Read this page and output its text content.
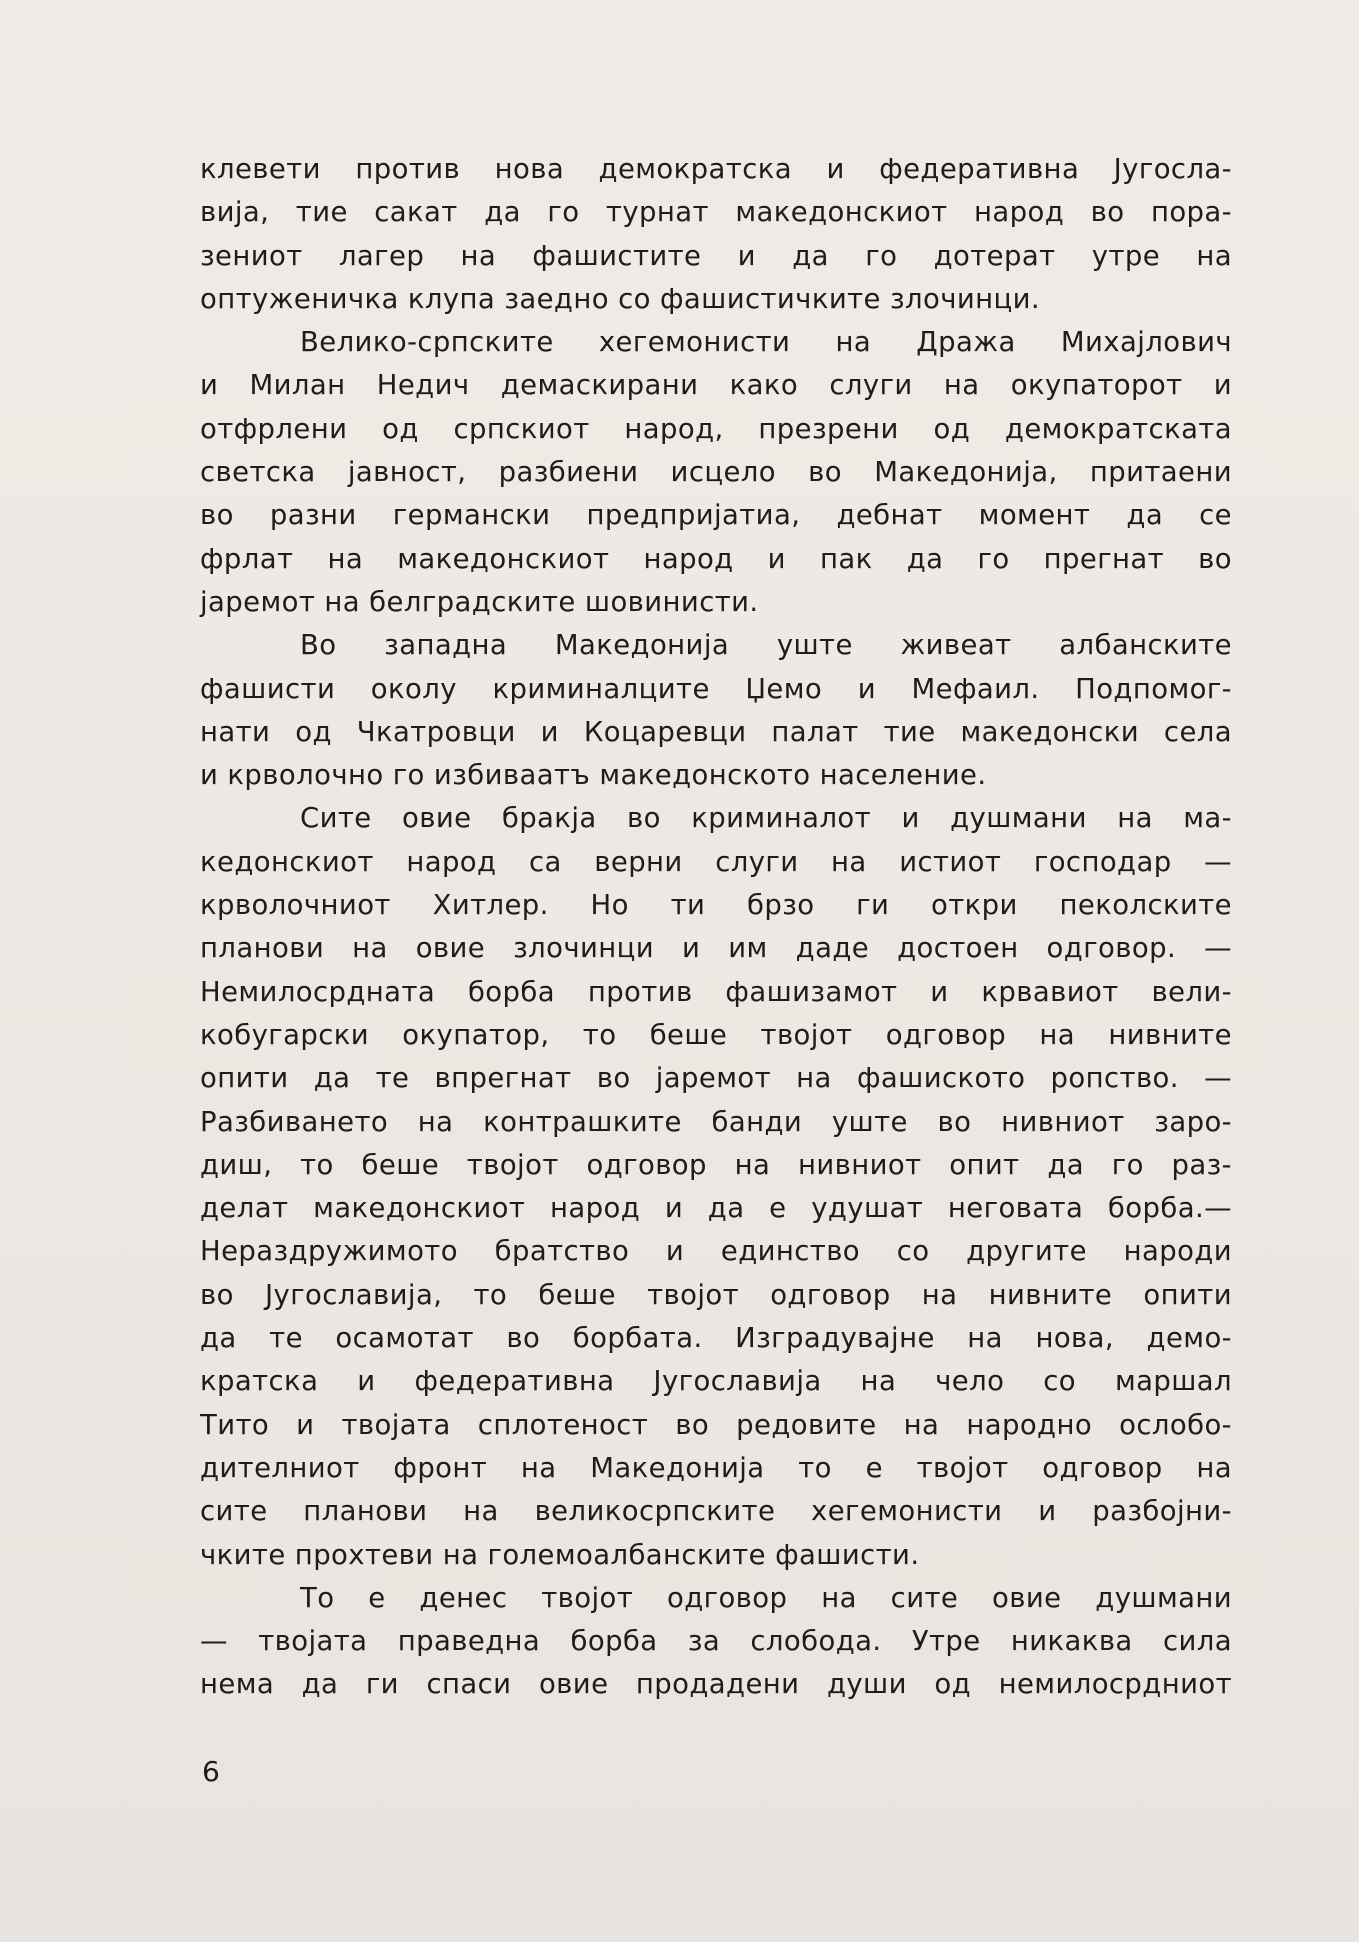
клевети против нова демократска и федеративна Југосла-
вија, тие сакат да го турнат македонскиот народ во пора-
зениот лагер на фашистите и да го дотерат утре на
оптуженичка клупа заедно со фашистичките злочинци.
Велико-српските хегемонисти на Дража Михајлович
и Милан Недич демаскирани како слуги на окупаторот и
отфрлени од српскиот народ, презрени од демократската
светска јавност, разбиени исцело во Македонија, притаени
во разни германски предпријатиа, дебнат момент да се
фрлат на македонскиот народ и пак да го прегнат во
јаремот на белградските шовинисти.
Во западна Македонија уште живеат албанските
фашисти околу криминалците Џемо и Мефаил. Подпомог-
нати од Чкатровци и Коцаревци палат тие македонски села
и крволочно го избиваатъ македонското население.
Сите овие бракја во криминалот и душмани на ма-
кедонскиот народ са верни слуги на истиот господар —
крволочниот Хитлер. Но ти брзо ги откри пеколските
планови на овие злочинци и им даде достоен одговор. —
Немилосрдната борба против фашизамот и крвавиот вели-
кобугарски окупатор, то беше твојот одговор на нивните
опити да те впрегнат во јаремот на фашиското ропство. —
Разбиването на контрашките банди уште во нивниот заро-
диш, то беше твојот одговор на нивниот опит да го раз-
делат македонскиот народ и да е удушат неговата борба.—
Нераздружимото братство и единство со другите народи
во Југославија, то беше твојот одговор на нивните опити
да те осамотат во борбата. Изградувајне на нова, демо-
кратска и федеративна Југославија на чело со маршал
Тито и твојата сплотеност во редовите на народно ослобо-
дителниот фронт на Македонија то е твојот одговор на
сите планови на великосрпските хегемонисти и разбојни-
чките прохтеви на големоалбанските фашисти.
То е денес твојот одговор на сите овие душмани
— твојата праведна борба за слобода. Утре никаква сила
нема да ги спаси овие продадени души од немилосрдниот
6
